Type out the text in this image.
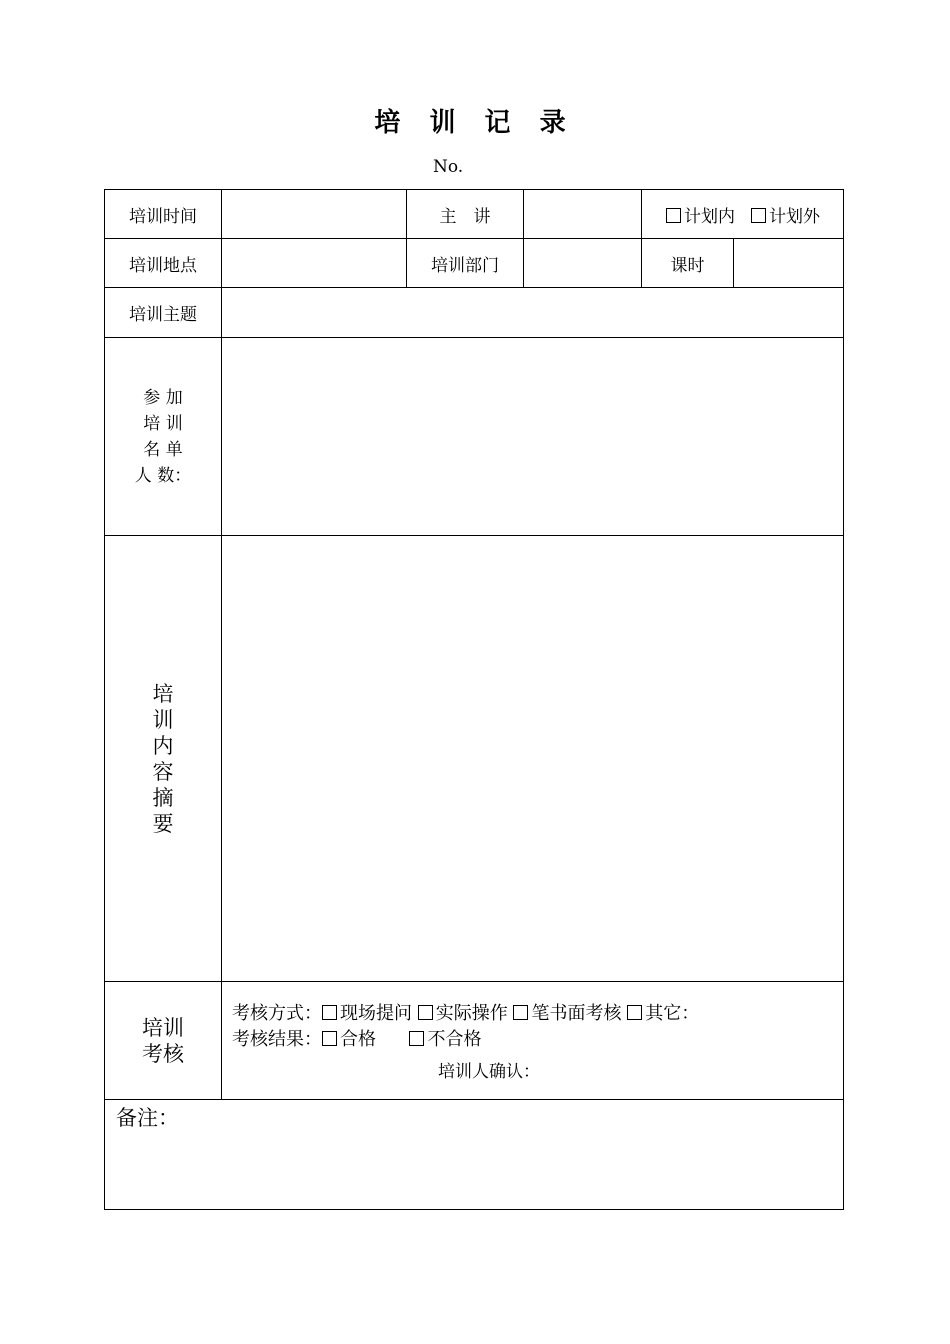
培 训 记 录
No.
培训时间	主　讲	计划内	计划外
培训地点	培训部门	课时
培训主题
参 加
培 训
名 单
人 数：
培
训
内
容
摘
要
培训
考核
考核方式： 现场提问 实际操作 笔书面考核 其它：
考核结果： 合格	不合格
培训人确认：
备注：
